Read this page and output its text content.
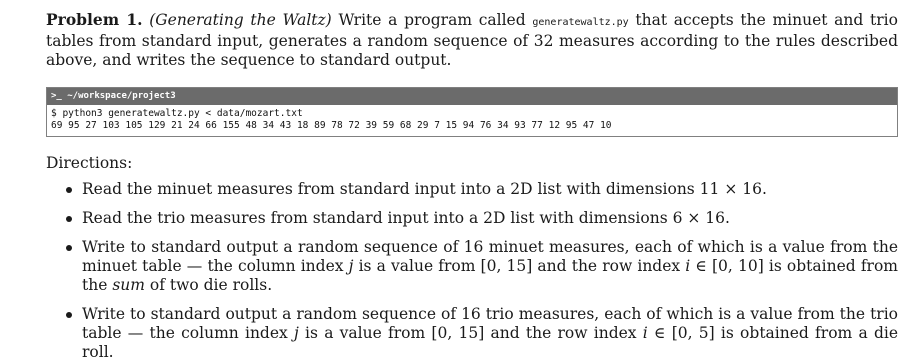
Problem 1. (Generating the Waltz) Write a program called generatewaltz.py that accepts the minuet and trio tables from standard input, generates a random sequence of 32 measures according to the rules described above, and writes the sequence to standard output.

>_ ~/workspace/project3
$ python3 generatewaltz.py < data/mozart.txt
69 95 27 103 105 129 21 24 66 155 48 34 43 18 89 78 72 39 59 68 29 7 15 94 76 34 93 77 12 95 47 10

Directions:

Read the minuet measures from standard input into a 2D list with dimensions 11 × 16.
Read the trio measures from standard input into a 2D list with dimensions 6 × 16.
Write to standard output a random sequence of 16 minuet measures, each of which is a value from the minuet table — the column index j is a value from [0, 15] and the row index i ∈ [0, 10] is obtained from the sum of two die rolls.
Write to standard output a random sequence of 16 trio measures, each of which is a value from the trio table — the column index j is a value from [0, 15] and the row index i ∈ [0, 5] is obtained from a die roll.
